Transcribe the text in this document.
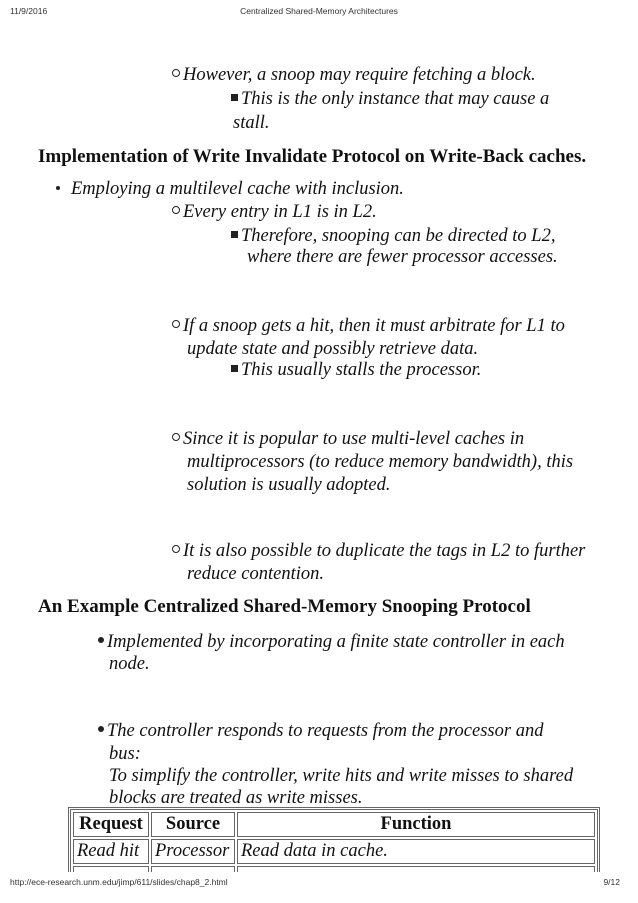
11/9/2016	Centralized Shared-Memory Architectures
However, a snoop may require fetching a block.
This is the only instance that may cause a
stall.
Implementation of Write Invalidate Protocol on Write-Back caches.
Employing a multilevel cache with inclusion.
Every entry in L1 is in L2.
Therefore, snooping can be directed to L2,
where there are fewer processor accesses.
If a snoop gets a hit, then it must arbitrate for L1 to
update state and possibly retrieve data.
This usually stalls the processor.
Since it is popular to use multi-level caches in
multiprocessors (to reduce memory bandwidth), this
solution is usually adopted.
It is also possible to duplicate the tags in L2 to further
reduce contention.
An Example Centralized Shared-Memory Snooping Protocol
Implemented by incorporating a finite state controller in each
node.
The controller responds to requests from the processor and
bus:
To simplify the controller, write hits and write misses to shared
blocks are treated as write misses.
Request	Source	Function
Read hit	Processor	Read data in cache.

http://ece-research.unm.edu/jimp/611/slides/chap8_2.html	9/12
